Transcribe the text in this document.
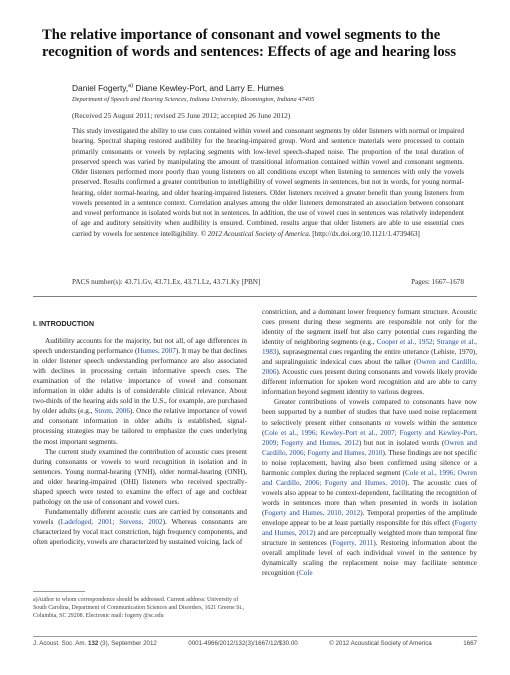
The relative importance of consonant and vowel segments to the recognition of words and sentences: Effects of age and hearing loss
Daniel Fogerty,$^{a)}$ Diane Kewley-Port, and Larry E. Humes
Department of Speech and Hearing Sciences, Indiana University, Bloomington, Indiana 47405
(Received 25 August 2011; revised 25 June 2012; accepted 26 June 2012)
This study investigated the ability to use cues contained within vowel and consonant segments by older listeners with normal or impaired hearing. Spectral shaping restored audibility for the hearing-impaired group. Word and sentence materials were processed to contain primarily consonants or vowels by replacing segments with low-level speech-shaped noise. The proportion of the total duration of preserved speech was varied by manipulating the amount of transitional information contained within vowel and consonant segments. Older listeners performed more poorly than young listeners on all conditions except when listening to sentences with only the vowels preserved. Results confirmed a greater contribution to intelligibility of vowel segments in sentences, but not in words, for young normal-hearing, older normal-hearing, and older hearing-impaired listeners. Older listeners received a greater benefit than young listeners from vowels presented in a sentence context. Correlation analyses among the older listeners demonstrated an association between consonant and vowel performance in isolated words but not in sentences. In addition, the use of vowel cues in sentences was relatively independent of age and auditory sensitivity when audibility is ensured. Combined, results argue that older listeners are able to use essential cues carried by vowels for sentence intelligibility. © 2012 Acoustical Society of America. [http://dx.doi.org/10.1121/1.4739463]
PACS number(s): 43.71.Gv, 43.71.Ex, 43.71.Lz, 43.71.Ky [PBN]	Pages: 1667–1678
I. INTRODUCTION

Audibility accounts for the majority, but not all, of age differences in speech understanding performance (Humes, 2007). It may be that declines in older listener speech understanding performance are also associated with declines in processing certain informative speech cues. The examination of the relative importance of vowel and consonant information in older adults is of considerable clinical relevance. About two-thirds of the hearing aids sold in the U.S., for example, are purchased by older adults (e.g., Strom, 2006). Once the relative importance of vowel and consonant information in older adults is established, signal-processing strategies may be tailored to emphasize the cues underlying the most important segments.

The current study examined the contribution of acoustic cues present during consonants or vowels to word recognition in isolation and in sentences. Young normal-hearing (YNH), older normal-hearing (ONH), and older hearing-impaired (OHI) listeners who received spectrally-shaped speech were tested to examine the effect of age and cochlear pathology on the use of consonant and vowel cues.

Fundamentally different acoustic cues are carried by consonants and vowels (Ladefoged, 2001; Stevens, 2002). Whereas consonants are characterized by vocal tract constriction, high frequency components, and often aperiodicity, vowels are characterized by sustained voicing, lack of

constriction, and a dominant lower frequency formant structure. Acoustic cues present during these segments are responsible not only for the identity of the segment itself but also carry potential cues regarding the identity of neighboring segments (e.g., Cooper et al., 1952; Strange et al., 1983), suprasegmental cues regarding the entire utterance (Lehiste, 1970), and supralinguistic indexical cues about the talker (Owren and Cardillo, 2006). Acoustic cues present during consonants and vowels likely provide different information for spoken word recognition and are able to carry information beyond segment identity to various degrees.

Greater contributions of vowels compared to consonants have now been supported by a number of studies that have used noise replacement to selectively present either consonants or vowels within the sentence (Cole et al., 1996; Kewley-Port et al., 2007; Fogerty and Kewley-Port, 2009; Fogerty and Humes, 2012) but not in isolated words (Owren and Cardillo, 2006; Fogerty and Humes, 2010). These findings are not specific to noise replacement, having also been confirmed using silence or a harmonic complex during the replaced segment (Cole et al., 1996; Owren and Cardillo, 2006; Fogerty and Humes, 2010). The acoustic cues of vowels also appear to be context-dependent, facilitating the recognition of words in sentences more than when presented in words in isolation (Fogerty and Humes, 2010, 2012). Temporal properties of the amplitude envelope appear to be at least partially responsible for this effect (Fogerty and Humes, 2012) and are perceptually weighted more than temporal fine structure in sentences (Fogerty, 2011). Restoring information about the overall amplitude level of each individual vowel in the sentence by dynamically scaling the replacement noise may facilitate sentence recognition (Cole

a)Author to whom correspondence should be addressed. Current address: University of South Carolina, Department of Communication Sciences and Disorders, 1621 Greene St., Columbia, SC 29208. Electronic mail: fogerty @sc.edu
J. Acoust. Soc. Am. 132 (3), September 2012	0001-4966/2012/132(3)/1667/12/$30.00	© 2012 Acoustical Society of America	1667
